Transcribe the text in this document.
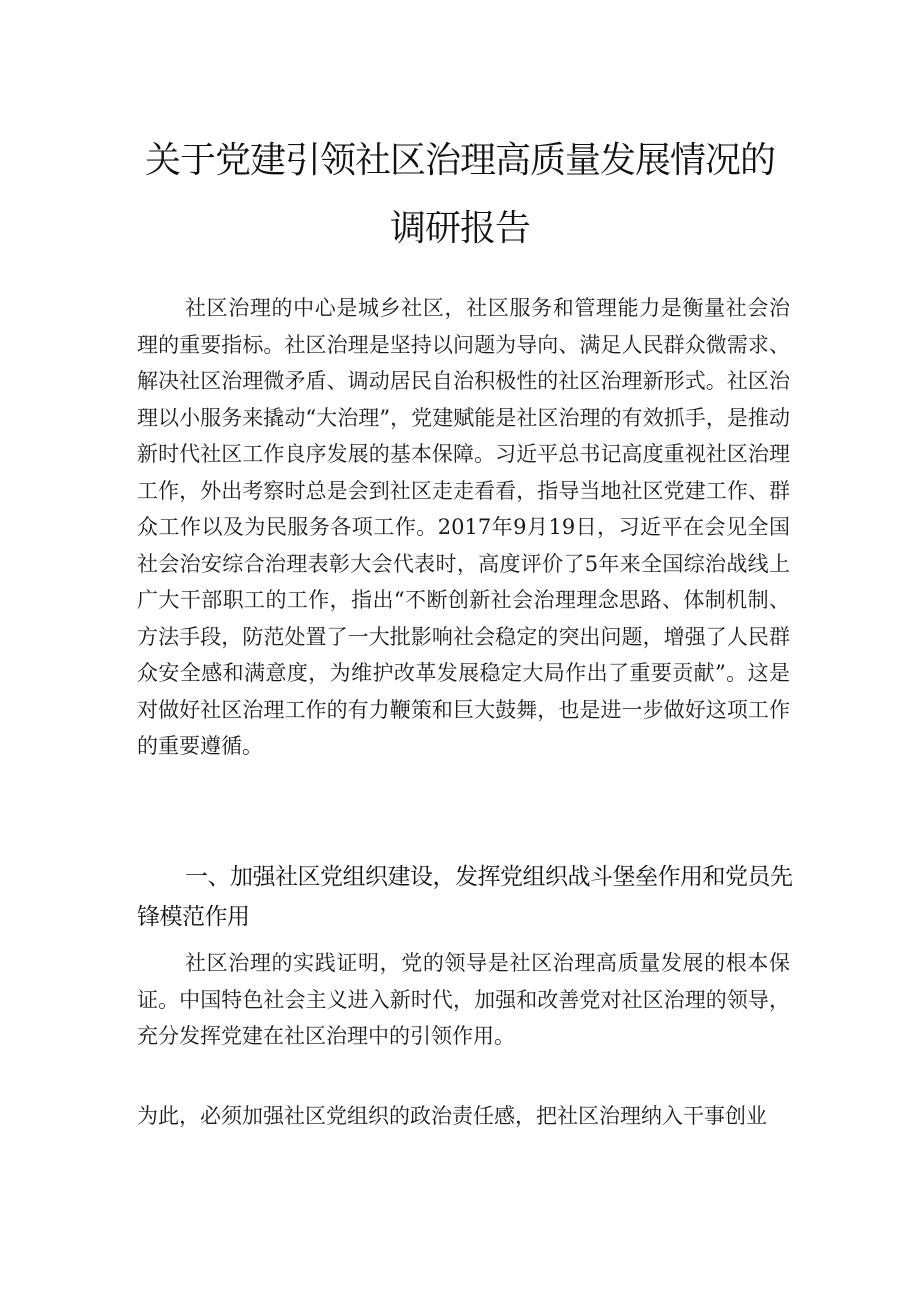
关于党建引领社区治理高质量发展情况的
调研报告

社区治理的中心是城乡社区，社区服务和管理能力是衡量社会治理的重要指标。社区治理是坚持以问题为导向、满足人民群众微需求、解决社区治理微矛盾、调动居民自治积极性的社区治理新形式。社区治理以小服务来撬动“大治理”，党建赋能是社区治理的有效抓手，是推动新时代社区工作良序发展的基本保障。习近平总书记高度重视社区治理工作，外出考察时总是会到社区走走看看，指导当地社区党建工作、群众工作以及为民服务各项工作。2017年9月19日，习近平在会见全国社会治安综合治理表彰大会代表时，高度评价了5年来全国综治战线上广大干部职工的工作，指出“不断创新社会治理理念思路、体制机制、方法手段，防范处置了一大批影响社会稳定的突出问题，增强了人民群众安全感和满意度，为维护改革发展稳定大局作出了重要贡献”。这是对做好社区治理工作的有力鞭策和巨大鼓舞，也是进一步做好这项工作的重要遵循。

一、加强社区党组织建设，发挥党组织战斗堡垒作用和党员先锋模范作用

社区治理的实践证明，党的领导是社区治理高质量发展的根本保证。中国特色社会主义进入新时代，加强和改善党对社区治理的领导，充分发挥党建在社区治理中的引领作用。

为此，必须加强社区党组织的政治责任感，把社区治理纳入干事创业
